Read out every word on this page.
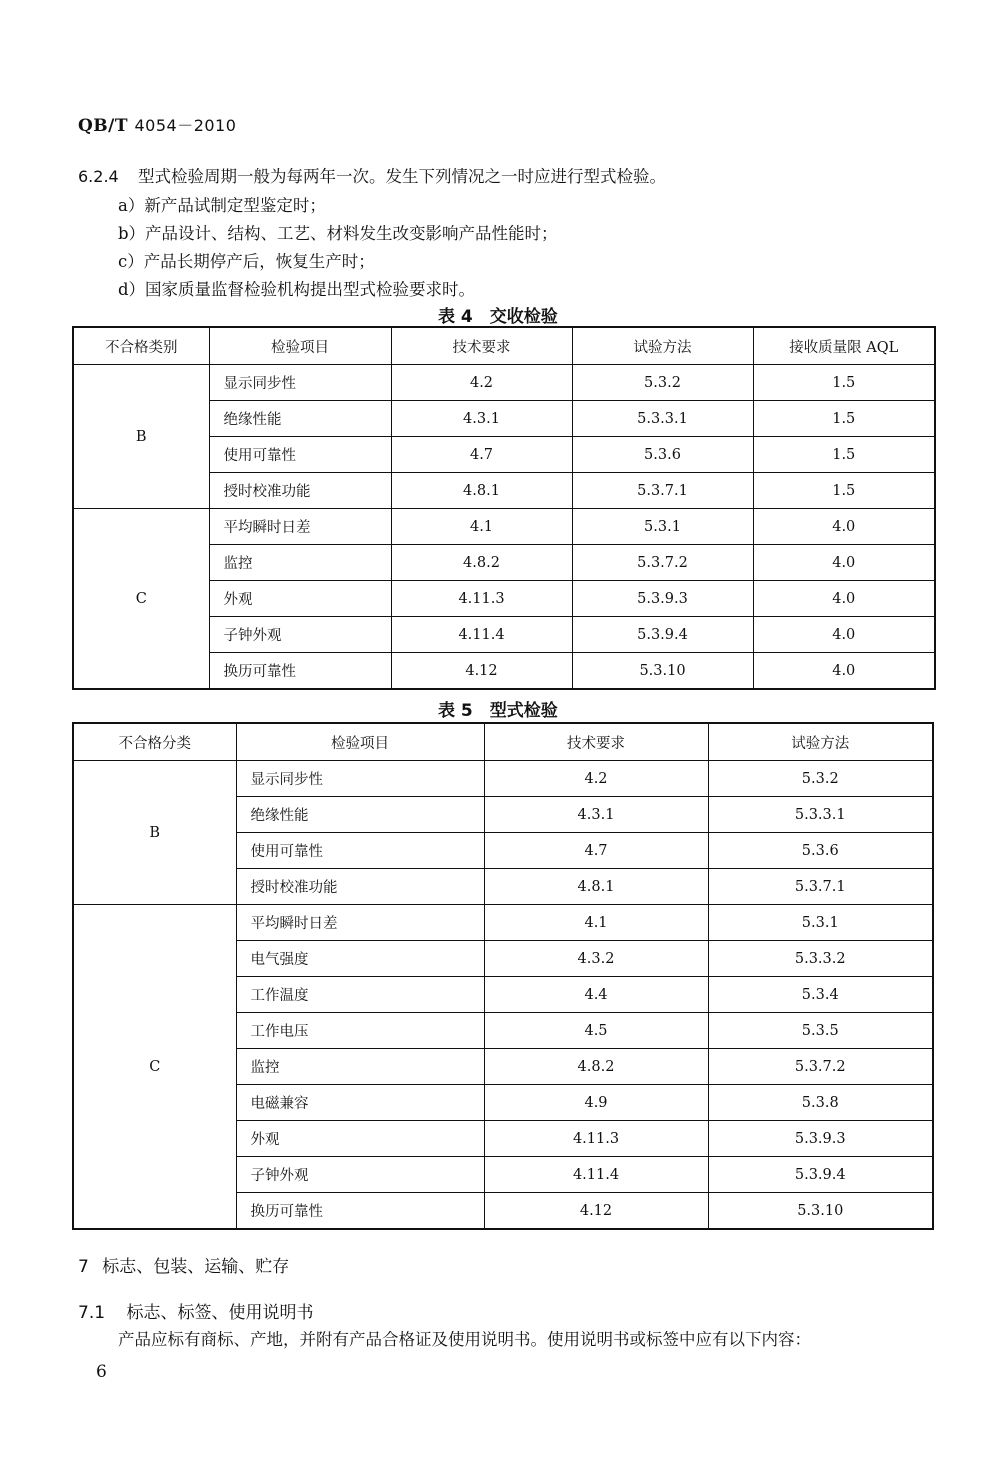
QB/T 4054－2010
6.2.4 型式检验周期一般为每两年一次。发生下列情况之一时应进行型式检验。
a）新产品试制定型鉴定时；
b）产品设计、结构、工艺、材料发生改变影响产品性能时；
c）产品长期停产后，恢复生产时；
d）国家质量监督检验机构提出型式检验要求时。
表 4　交收检验
不合格类别	检验项目	技术要求	试验方法	接收质量限 AQL
B	显示同步性	4.2	5.3.2	1.5
	绝缘性能	4.3.1	5.3.3.1	1.5
	使用可靠性	4.7	5.3.6	1.5
	授时校准功能	4.8.1	5.3.7.1	1.5
C	平均瞬时日差	4.1	5.3.1	4.0
	监控	4.8.2	5.3.7.2	4.0
	外观	4.11.3	5.3.9.3	4.0
	子钟外观	4.11.4	5.3.9.4	4.0
	换历可靠性	4.12	5.3.10	4.0
表 5　型式检验
不合格分类	检验项目	技术要求	试验方法
B	显示同步性	4.2	5.3.2
	绝缘性能	4.3.1	5.3.3.1
	使用可靠性	4.7	5.3.6
	授时校准功能	4.8.1	5.3.7.1
C	平均瞬时日差	4.1	5.3.1
	电气强度	4.3.2	5.3.3.2
	工作温度	4.4	5.3.4
	工作电压	4.5	5.3.5
	监控	4.8.2	5.3.7.2
	电磁兼容	4.9	5.3.8
	外观	4.11.3	5.3.9.3
	子钟外观	4.11.4	5.3.9.4
	换历可靠性	4.12	5.3.10
7 标志、包装、运输、贮存
7.1 标志、标签、使用说明书
产品应标有商标、产地，并附有产品合格证及使用说明书。使用说明书或标签中应有以下内容：
6
